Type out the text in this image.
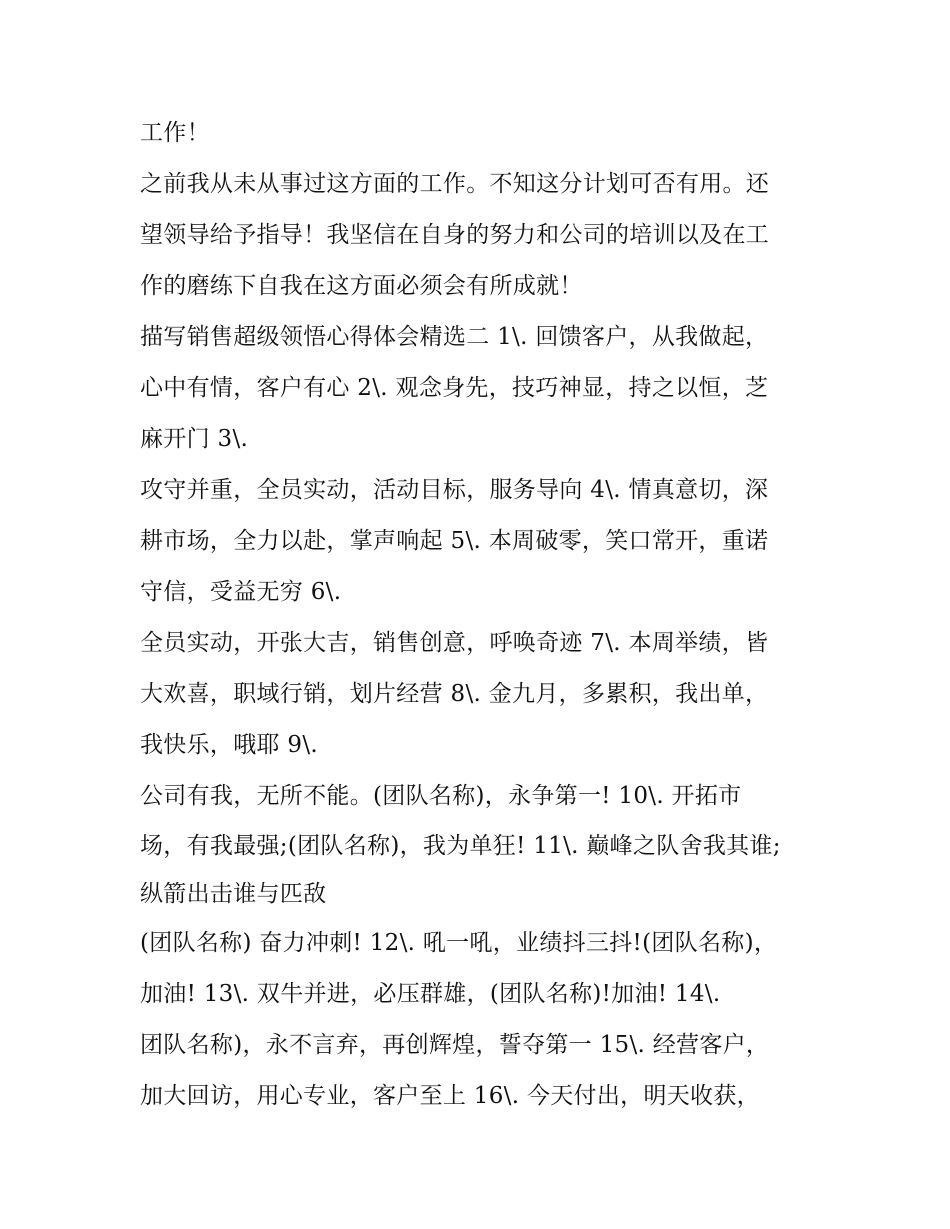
工作！
之前我从未从事过这方面的工作。不知这分计划可否有用。还
望领导给予指导！我坚信在自身的努力和公司的培训以及在工
作的磨练下自我在这方面必须会有所成就！
描写销售超级领悟心得体会精选二 1\. 回馈客户，从我做起，
心中有情，客户有心 2\. 观念身先，技巧神显，持之以恒，芝
麻开门 3\.
攻守并重，全员实动，活动目标，服务导向 4\. 情真意切，深
耕市场，全力以赴，掌声响起 5\. 本周破零，笑口常开，重诺
守信，受益无穷 6\.
全员实动，开张大吉，销售创意，呼唤奇迹 7\. 本周举绩，皆
大欢喜，职域行销，划片经营 8\. 金九月，多累积，我出单，
我快乐，哦耶 9\.
公司有我，无所不能。(团队名称)，永争第一! 10\. 开拓市
场，有我最强;(团队名称)，我为单狂! 11\. 巅峰之队舍我其谁;
纵箭出击谁与匹敌
(团队名称) 奋力冲刺! 12\. 吼一吼，业绩抖三抖!(团队名称)，
加油! 13\. 双牛并进，必压群雄，(团队名称)!加油! 14\.
团队名称)，永不言弃，再创辉煌，誓夺第一 15\. 经营客户，
加大回访，用心专业，客户至上 16\. 今天付出，明天收获，
